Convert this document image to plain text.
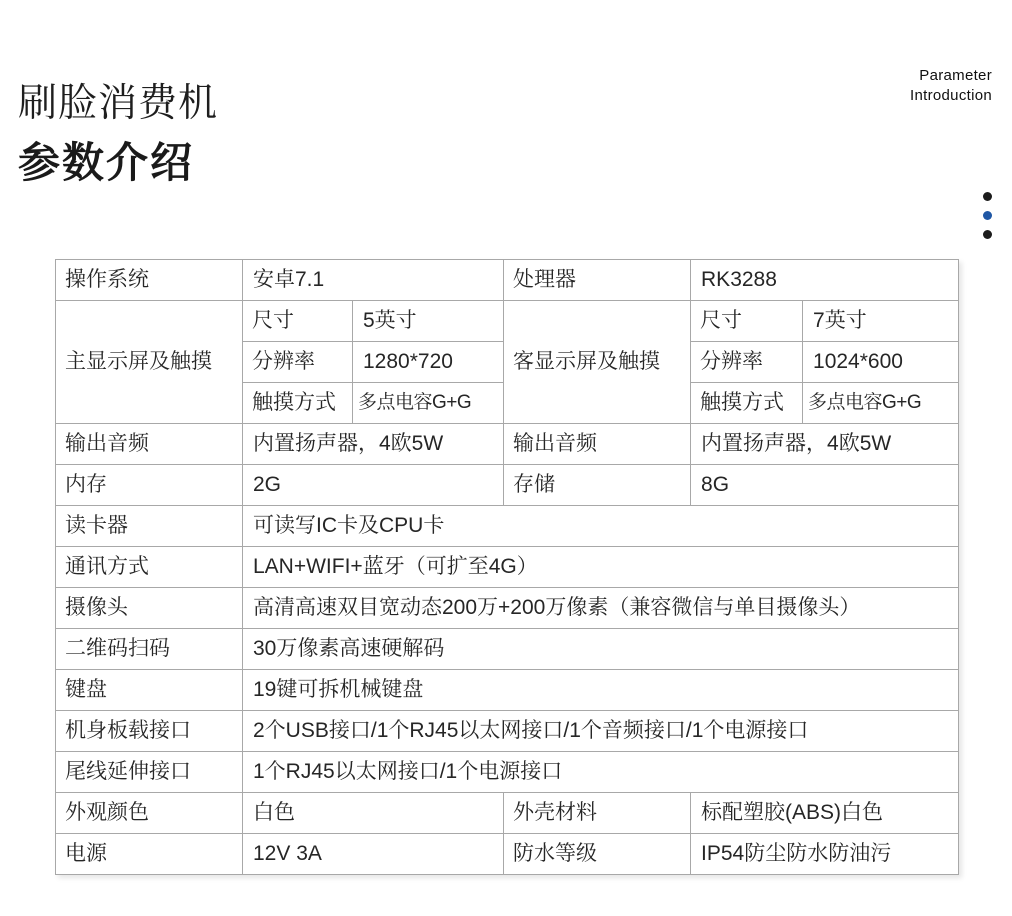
刷脸消费机
参数介绍
Parameter
Introduction
操作系统	安卓7.1		处理器	RK3288	
主显示屏及触摸	尺寸	5英寸	客显示屏及触摸	尺寸	7英寸
	分辨率	1280*720		分辨率	1024*600
	触摸方式	多点电容G+G		触摸方式	多点电容G+G
输出音频	内置扬声器，4欧5W		输出音频	内置扬声器，4欧5W	
内存	2G		存储	8G	
读卡器	可读写IC卡及CPU卡				
通讯方式	LAN+WIFI+蓝牙（可扩至4G）				
摄像头	高清高速双目宽动态200万+200万像素（兼容微信与单目摄像头）				
二维码扫码	30万像素高速硬解码				
键盘	19键可拆机械键盘				
机身板载接口	2个USB接口/1个RJ45以太网接口/1个音频接口/1个电源接口				
尾线延伸接口	1个RJ45以太网接口/1个电源接口				
外观颜色	白色		外壳材料	标配塑胶(ABS)白色	
电源	12V 3A		防水等级	IP54防尘防水防油污	
